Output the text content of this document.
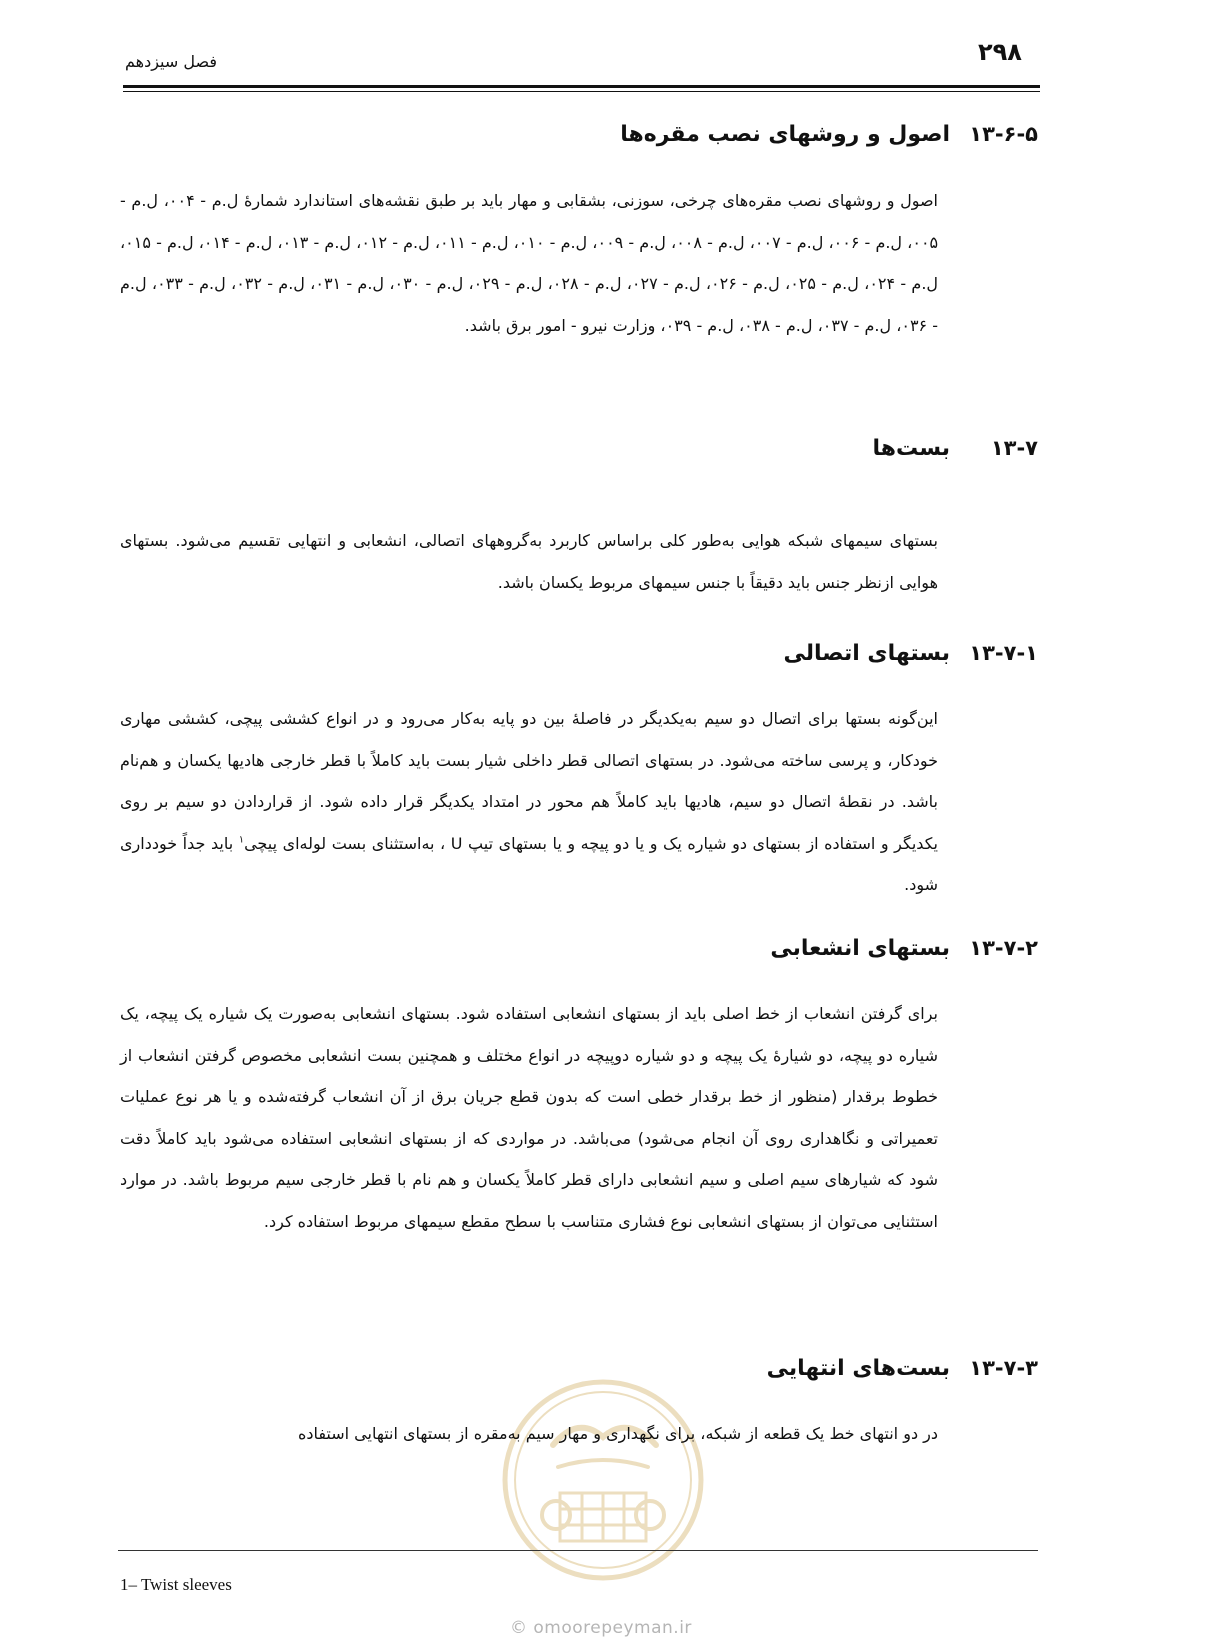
۲۹۸
فصل سیزدهم
۱۳-۶-۵
اصول و روشهای نصب مقره‌ها
اصول و روشهای نصب مقره‌های چرخی، سوزنی، بشقابی و مهار باید بر طبق نقشه‌های استاندارد شمارهٔ ل.م - ۰۰۴، ل.م - ۰۰۵، ل.م - ۰۰۶، ل.م - ۰۰۷، ل.م - ۰۰۸، ل.م - ۰۰۹، ل.م - ۰۱۰، ل.م - ۰۱۱، ل.م - ۰۱۲، ل.م - ۰۱۳، ل.م - ۰۱۴، ل.م - ۰۱۵، ل.م - ۰۲۴، ل.م - ۰۲۵، ل.م - ۰۲۶، ل.م - ۰۲۷، ل.م - ۰۲۸، ل.م - ۰۲۹، ل.م - ۰۳۰، ل.م - ۰۳۱، ل.م - ۰۳۲، ل.م - ۰۳۳، ل.م - ۰۳۶، ل.م - ۰۳۷، ل.م - ۰۳۸، ل.م - ۰۳۹، وزارت نیرو - امور برق باشد.
۱۳-۷
بست‌ها
بستهای سیمهای شبکه هوایی به‌طور کلی براساس کاربرد به‌گروههای اتصالی، انشعابی و انتهایی تقسیم می‌شود. بستهای هوایی ازنظر جنس باید دقیقاً با جنس سیمهای مربوط یکسان باشد.
۱۳-۷-۱
بستهای اتصالی
این‌گونه بستها برای اتصال دو سیم به‌یکدیگر در فاصلهٔ بین دو پایه به‌کار می‌رود و در انواع کششی پیچی، کششی مهاری خودکار، و پرسی ساخته می‌شود. در بستهای اتصالی قطر داخلی شیار بست باید کاملاً با قطر خارجی هادیها یکسان و هم‌نام باشد. در نقطهٔ اتصال دو سیم، هادیها باید کاملاً هم محور در امتداد یکدیگر قرار داده شود. از قراردادن دو سیم بر روی یکدیگر و استفاده از بستهای دو شیاره یک و یا دو پیچه و یا بستهای تیپ U ، به‌استثنای بست لوله‌ای پیچی$^۱$ باید جداً خودداری شود.
۱۳-۷-۲
بستهای انشعابی
برای گرفتن انشعاب از خط اصلی باید از بستهای انشعابی استفاده شود. بستهای انشعابی به‌صورت یک شیاره یک پیچه، یک شیاره دو پیچه، دو شیارهٔ یک پیچه و دو شیاره دوپیچه در انواع مختلف و همچنین بست انشعابی مخصوص گرفتن انشعاب از خطوط برقدار (منظور از خط برقدار خطی است که بدون قطع جریان برق از آن انشعاب گرفته‌شده و یا هر نوع عملیات تعمیراتی و نگاهداری روی آن انجام می‌شود) می‌باشد. در مواردی که از بستهای انشعابی استفاده می‌شود باید کاملاً دقت شود که شیارهای سیم اصلی و سیم انشعابی دارای قطر کاملاً یکسان و هم نام با قطر خارجی سیم مربوط باشد. در موارد استثنایی می‌توان از بستهای انشعابی نوع فشاری متناسب با سطح مقطع سیمهای مربوط استفاده کرد.
۱۳-۷-۳
بست‌های انتهایی
در دو انتهای خط یک قطعه از شبکه، برای نگهداری و مهار سیم به‌مقره از بستهای انتهایی استفاده
1– Twist sleeves
© omoorepeyman.ir
